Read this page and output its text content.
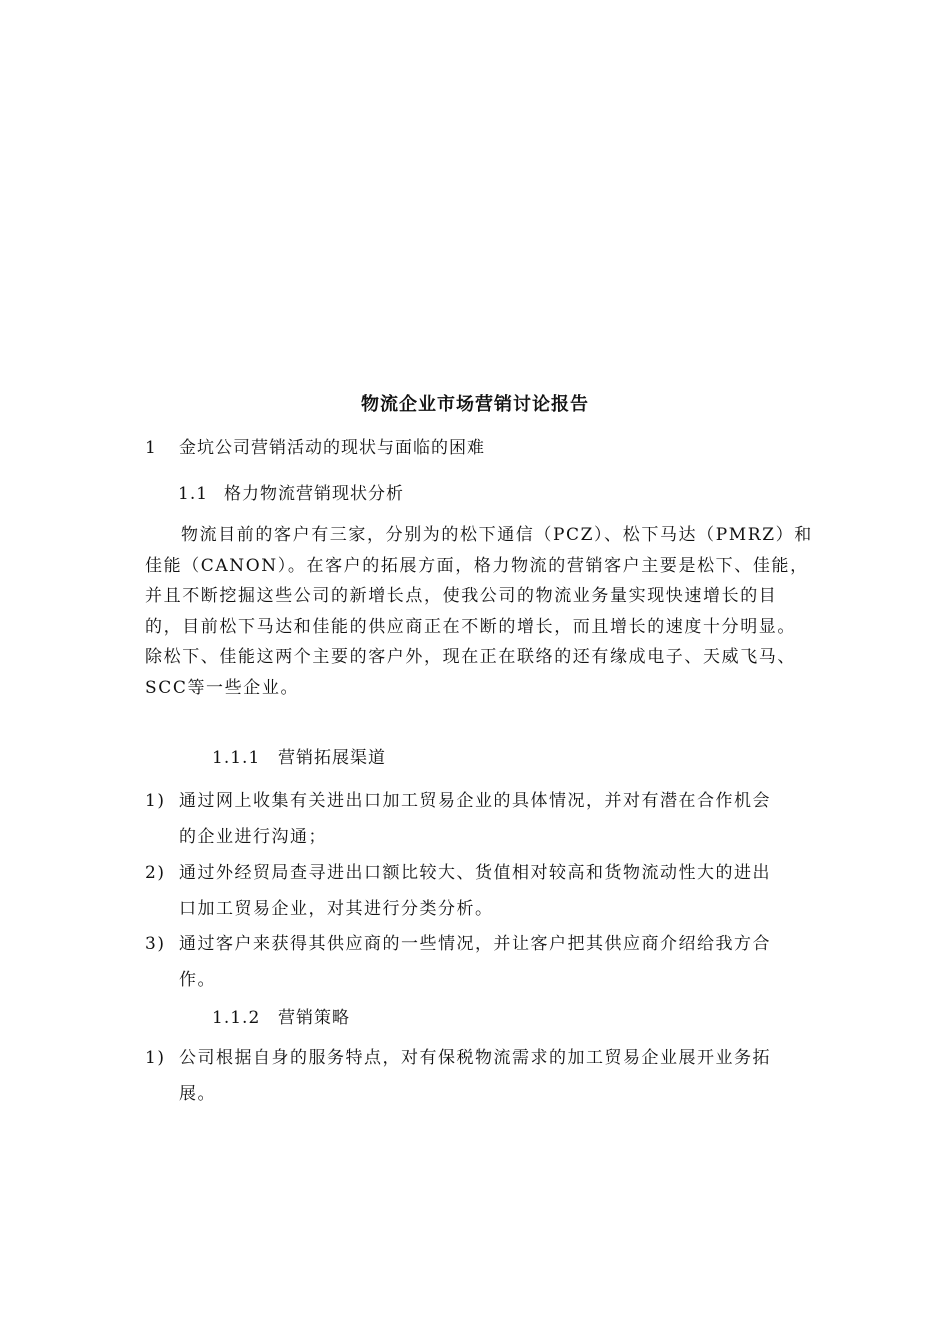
物流企业市场营销讨论报告
1 金坑公司营销活动的现状与面临的困难
1.1 格力物流营销现状分析
物流目前的客户有三家，分别为的松下通信（PCZ）、松下马达（PMRZ）和
佳能（CANON）。在客户的拓展方面，格力物流的营销客户主要是松下、佳能，
并且不断挖掘这些公司的新增长点，使我公司的物流业务量实现快速增长的目
的，目前松下马达和佳能的供应商正在不断的增长，而且增长的速度十分明显。
除松下、佳能这两个主要的客户外，现在正在联络的还有缘成电子、天威飞马、
SCC等一些企业。
1.1.1 营销拓展渠道
1) 通过网上收集有关进出口加工贸易企业的具体情况，并对有潜在合作机会
的企业进行沟通；
2) 通过外经贸局查寻进出口额比较大、货值相对较高和货物流动性大的进出
口加工贸易企业，对其进行分类分析。
3) 通过客户来获得其供应商的一些情况，并让客户把其供应商介绍给我方合
作。
1.1.2 营销策略
1) 公司根据自身的服务特点，对有保税物流需求的加工贸易企业展开业务拓
展。
